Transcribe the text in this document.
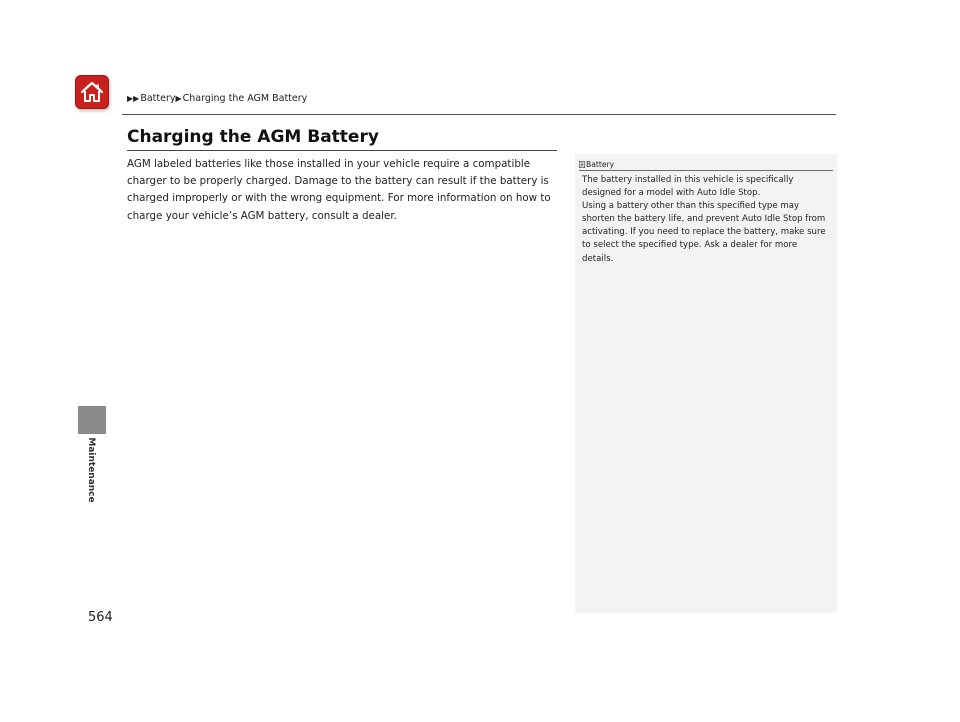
▶▶ Battery ▶ Charging the AGM Battery
Charging the AGM Battery

AGM labeled batteries like those installed in your vehicle require a compatible charger to be properly charged. Damage to the battery can result if the battery is charged improperly or with the wrong equipment. For more information on how to charge your vehicle’s AGM battery, consult a dealer.

Maintenance
564
Battery

The battery installed in this vehicle is specifically designed for a model with Auto Idle Stop.
Using a battery other than this specified type may shorten the battery life, and prevent Auto Idle Stop from activating. If you need to replace the battery, make sure to select the specified type. Ask a dealer for more details.
